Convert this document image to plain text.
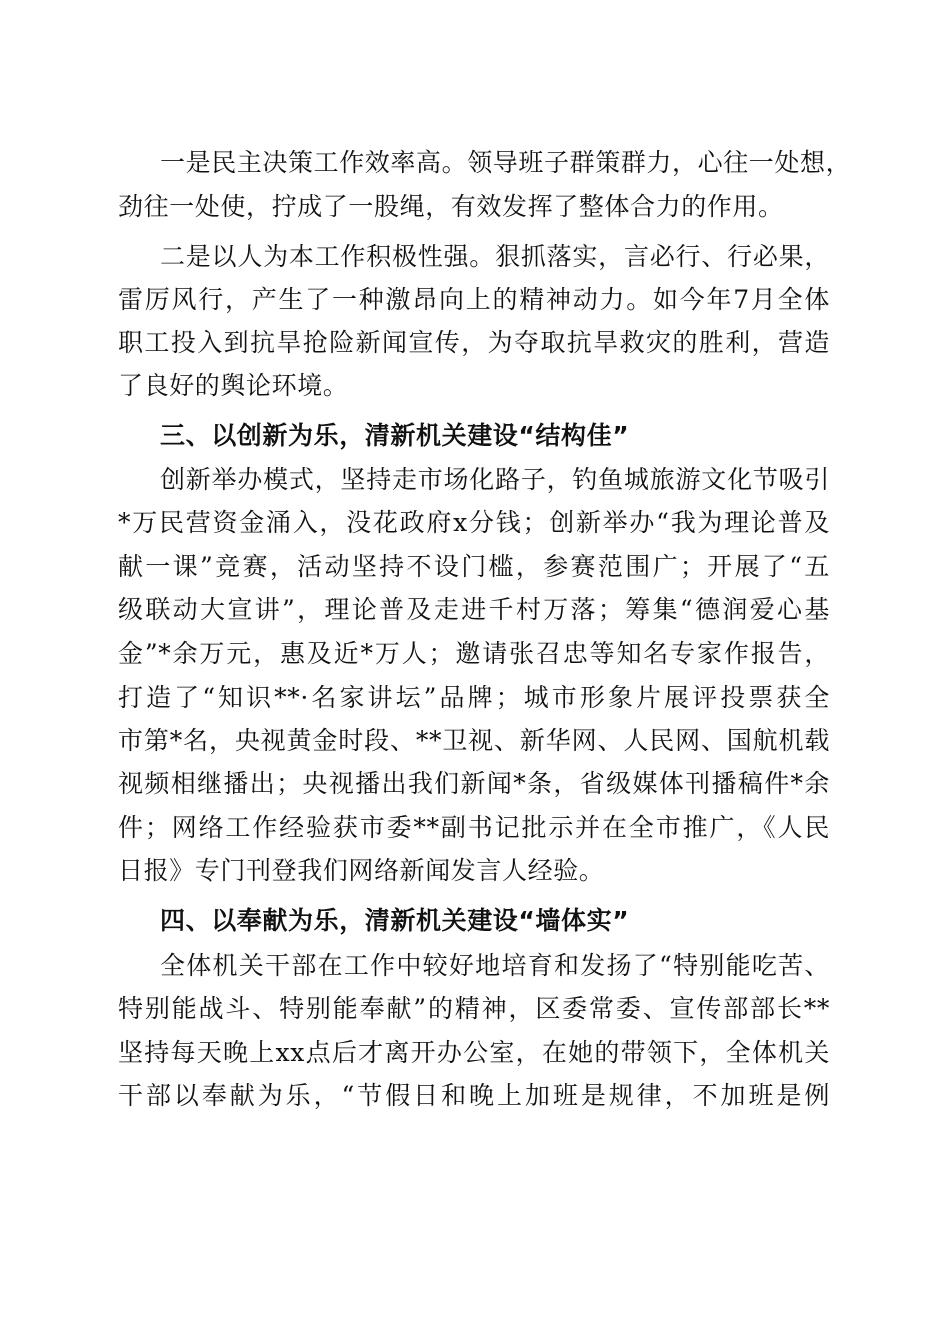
一是民主决策工作效率高。领导班子群策群力，心往一处想，
劲往一处使，拧成了一股绳，有效发挥了整体合力的作用。
二是以人为本工作积极性强。狠抓落实，言必行、行必果，
雷厉风行，产生了一种激昂向上的精神动力。如今年7月全体
职工投入到抗旱抢险新闻宣传，为夺取抗旱救灾的胜利，营造
了良好的舆论环境。
三、以创新为乐，清新机关建设“结构佳”
创新举办模式，坚持走市场化路子，钓鱼城旅游文化节吸引
*万民营资金涌入，没花政府x分钱；创新举办“我为理论普及
献一课”竞赛，活动坚持不设门槛，参赛范围广；开展了“五
级联动大宣讲”，理论普及走进千村万落；筹集“德润爱心基
金”*余万元，惠及近*万人；邀请张召忠等知名专家作报告，
打造了“知识**·名家讲坛”品牌；城市形象片展评投票获全
市第*名，央视黄金时段、**卫视、新华网、人民网、国航机载
视频相继播出；央视播出我们新闻*条，省级媒体刊播稿件*余
件；网络工作经验获市委**副书记批示并在全市推广，《人民
日报》专门刊登我们网络新闻发言人经验。
四、以奉献为乐，清新机关建设“墙体实”
全体机关干部在工作中较好地培育和发扬了“特别能吃苦、
特别能战斗、特别能奉献”的精神，区委常委、宣传部部长**
坚持每天晚上xx点后才离开办公室，在她的带领下，全体机关
干部以奉献为乐，“节假日和晚上加班是规律，不加班是例
